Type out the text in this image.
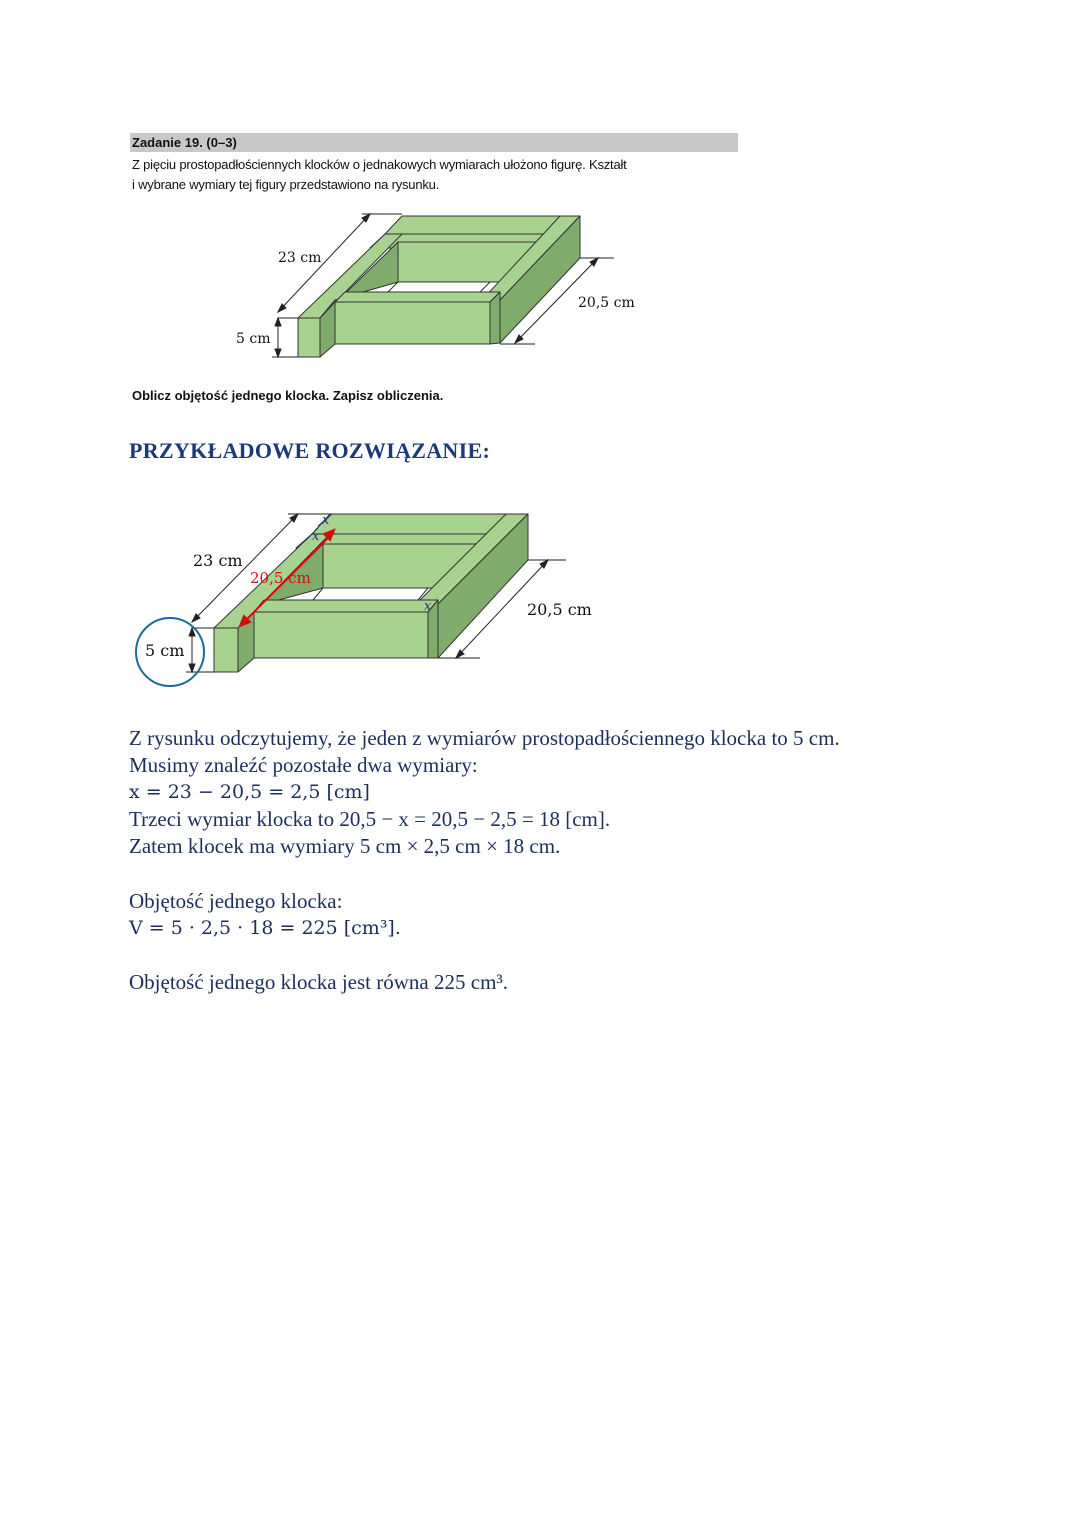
Zadanie 19. (0–3)
Z pięciu prostopadłościennych klocków o jednakowych wymiarach ułożono figurę. Kształt
i wybrane wymiary tej figury przedstawiono na rysunku.
23 cm
5 cm
20,5 cm
Oblicz objętość jednego klocka. Zapisz obliczenia.
PRZYKŁADOWE ROZWIĄZANIE:
x
x
x
23 cm
20,5 cm
20,5 cm
5 cm
Z rysunku odczytujemy, że jeden z wymiarów prostopadłościennego klocka to 5 cm.
Musimy znaleźć pozostałe dwa wymiary:
x = 23 − 20,5 = 2,5 [cm]
Trzeci wymiar klocka to 20,5 − x = 20,5 − 2,5 = 18 [cm].
Zatem klocek ma wymiary 5 cm × 2,5 cm × 18 cm.
Objętość jednego klocka:
V = 5 · 2,5 · 18 = 225 [cm³].
Objętość jednego klocka jest równa 225 cm³.
